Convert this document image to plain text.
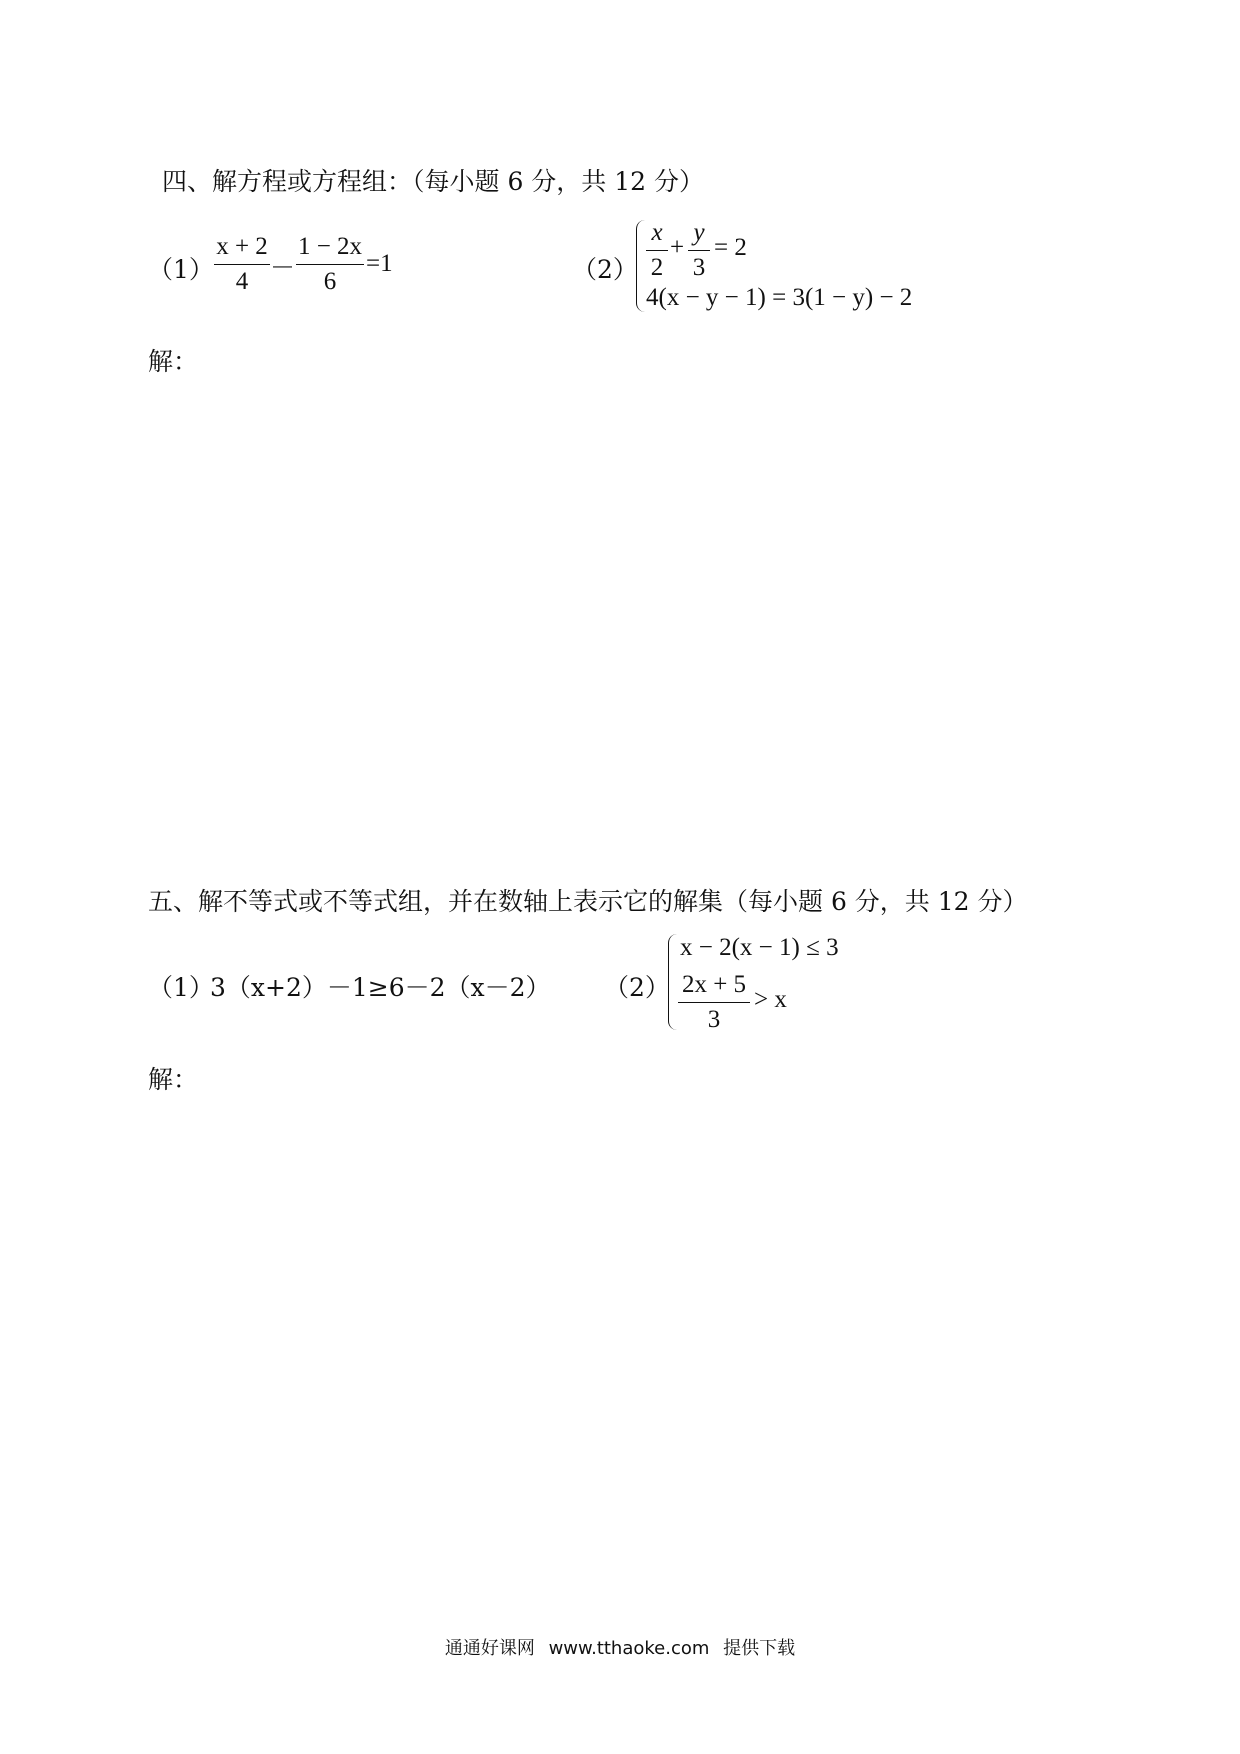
四、解方程或方程组：（每小题 6 分，共 12 分）
（1）
x + 2
4 －
1 − 2x
6
=1	（2）
x
2
+
y
3
= 2
4(x − y − 1) = 3(1 − y) − 2
解：
五、解不等式或不等式组，并在数轴上表示它的解集（每小题 6 分，共 12 分）
（1）
3（x+2）－1≥6－2（x－2） （2）
x − 2(x − 1) ≤ 3
2x + 5
3
> x
解：
通通好课网 www.tthaoke.com 提供下载
